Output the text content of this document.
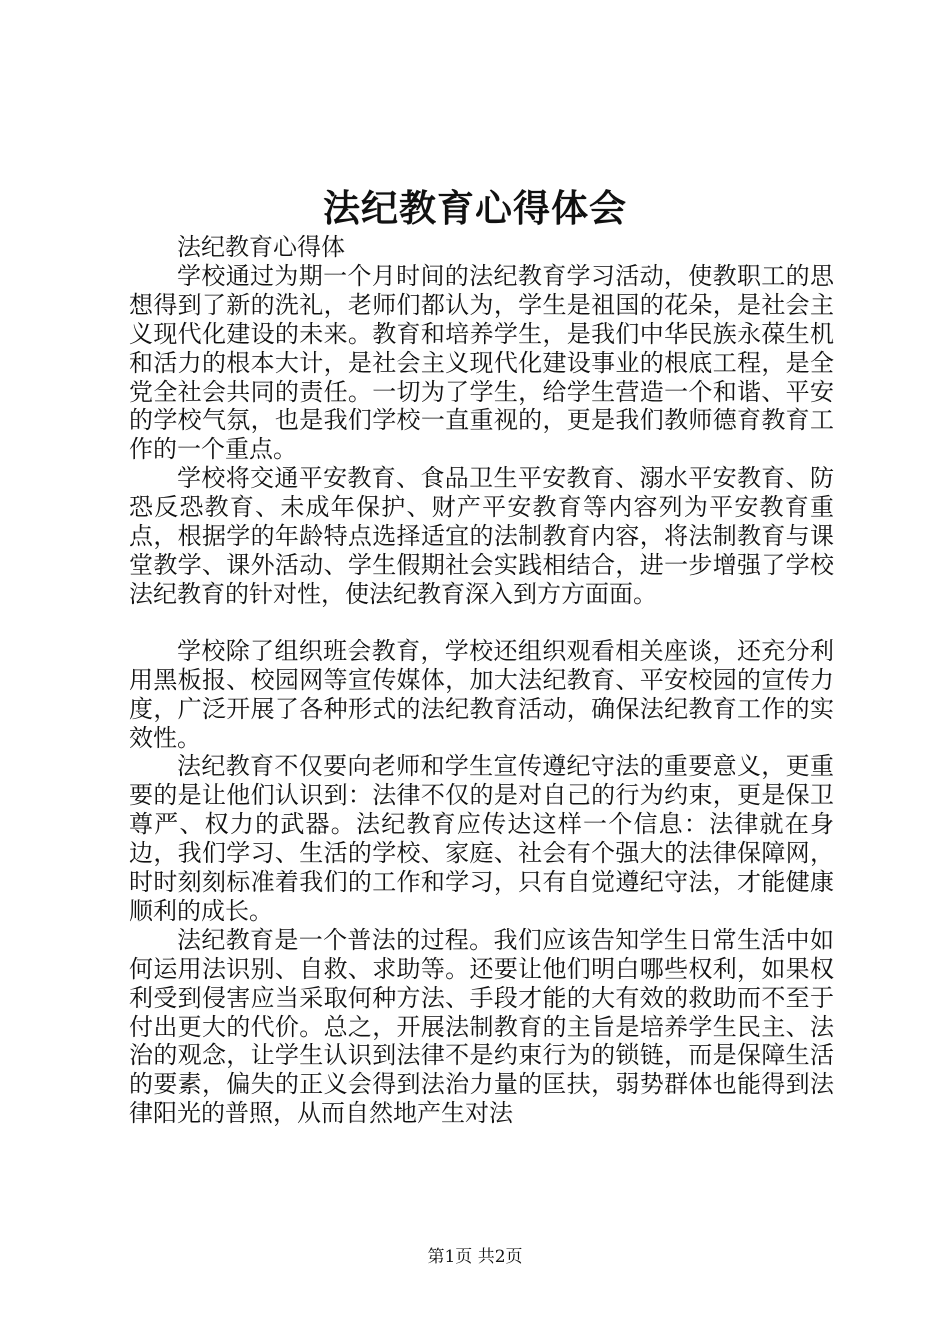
法纪教育心得体会

法纪教育心得体

学校通过为期一个月时间的法纪教育学习活动，使教职工的思想得到了新的洗礼，老师们都认为，学生是祖国的花朵，是社会主义现代化建设的未来。教育和培养学生，是我们中华民族永葆生机和活力的根本大计，是社会主义现代化建设事业的根底工程，是全党全社会共同的责任。一切为了学生，给学生营造一个和谐、平安的学校气氛，也是我们学校一直重视的，更是我们教师德育教育工作的一个重点。

学校将交通平安教育、食品卫生平安教育、溺水平安教育、防恐反恐教育、未成年保护、财产平安教育等内容列为平安教育重点，根据学的年龄特点选择适宜的法制教育内容，将法制教育与课堂教学、课外活动、学生假期社会实践相结合，进一步增强了学校法纪教育的针对性，使法纪教育深入到方方面面。

学校除了组织班会教育，学校还组织观看相关座谈，还充分利用黑板报、校园网等宣传媒体，加大法纪教育、平安校园的宣传力度，广泛开展了各种形式的法纪教育活动，确保法纪教育工作的实效性。

法纪教育不仅要向老师和学生宣传遵纪守法的重要意义，更重要的是让他们认识到：法律不仅的是对自己的行为约束，更是保卫尊严、权力的武器。法纪教育应传达这样一个信息：法律就在身边，我们学习、生活的学校、家庭、社会有个强大的法律保障网，时时刻刻标准着我们的工作和学习，只有自觉遵纪守法，才能健康顺利的成长。

法纪教育是一个普法的过程。我们应该告知学生日常生活中如何运用法识别、自救、求助等。还要让他们明白哪些权利，如果权利受到侵害应当采取何种方法、手段才能的大有效的救助而不至于付出更大的代价。总之，开展法制教育的主旨是培养学生民主、法治的观念，让学生认识到法律不是约束行为的锁链，而是保障生活的要素，偏失的正义会得到法治力量的匡扶，弱势群体也能得到法律阳光的普照，从而自然地产生对法

第1页 共2页
